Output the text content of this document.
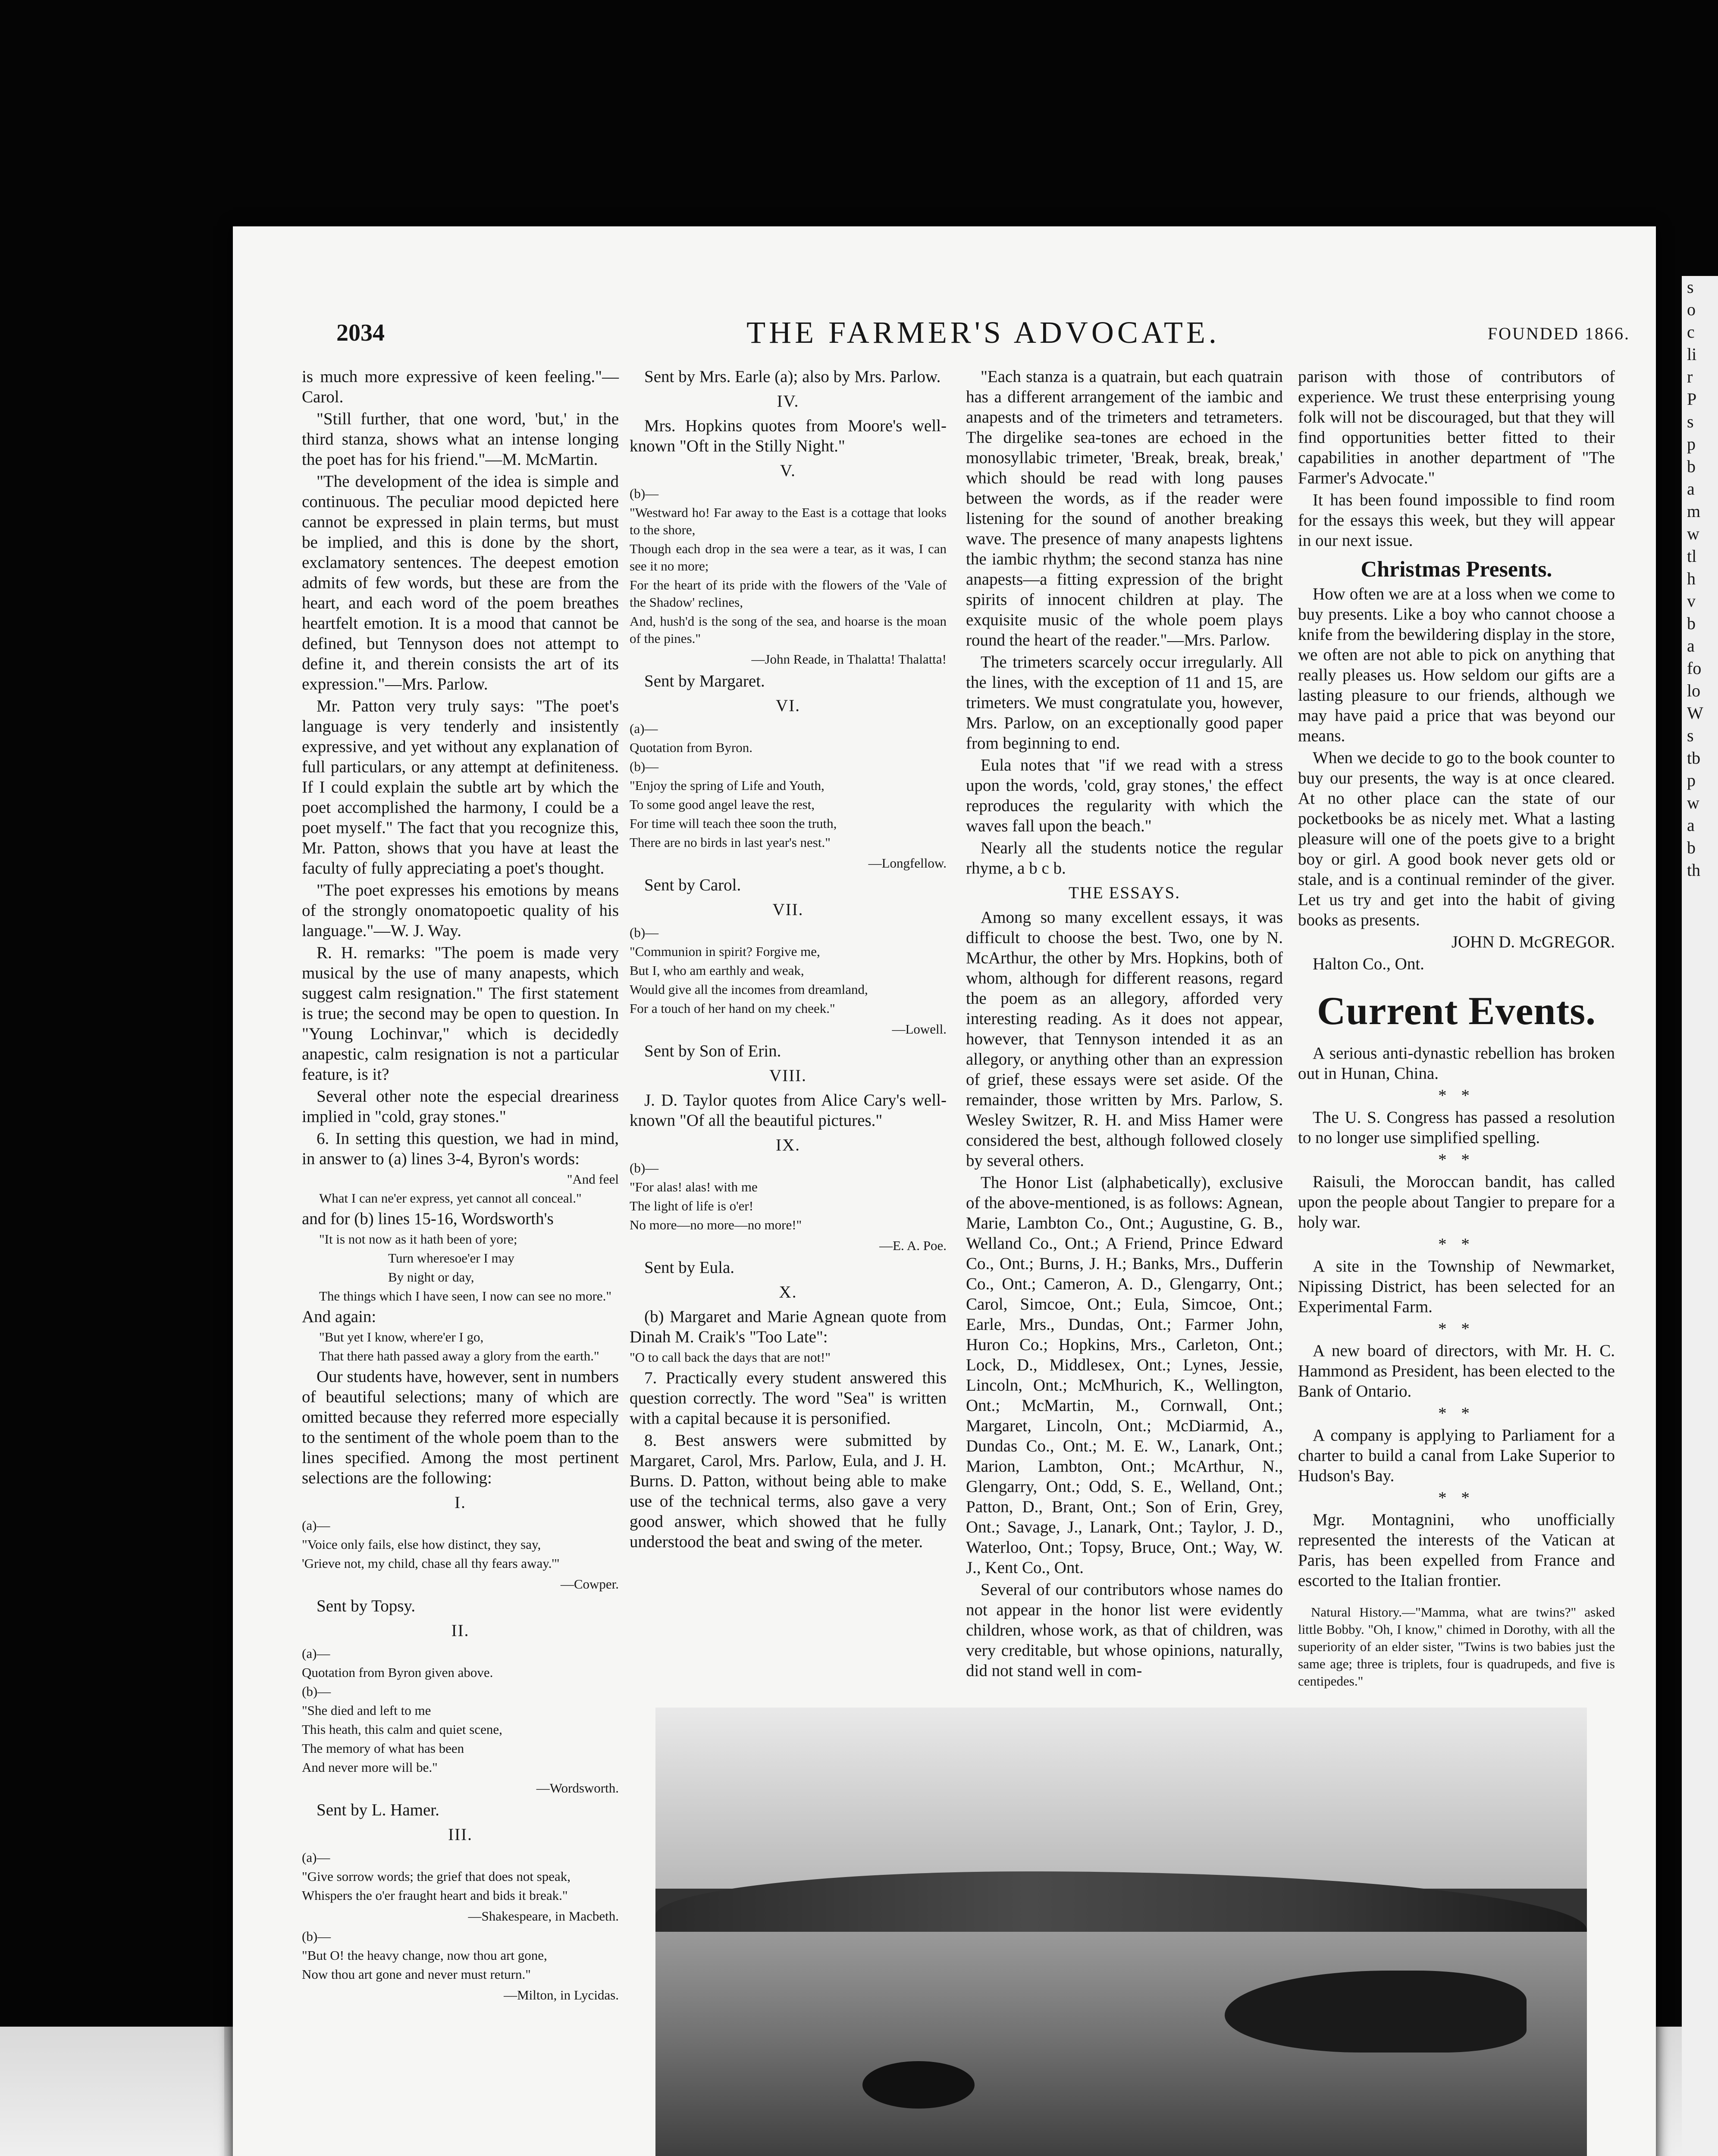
s
o
c
li
r
P
s
p
b
a
m
w
tl
h
v
b
a
fo
lo
W
s
tb
p
w
a
b
th
2034	THE FARMER'S ADVOCATE.	FOUNDED 1866.

is much more expressive of keen feeling."—Carol.

"Still further, that one word, 'but,' in the third stanza, shows what an intense longing the poet has for his friend."—M. McMartin.

"The development of the idea is simple and continuous. The peculiar mood depicted here cannot be expressed in plain terms, but must be implied, and this is done by the short, exclamatory sentences. The deepest emotion admits of few words, but these are from the heart, and each word of the poem breathes heartfelt emotion. It is a mood that cannot be defined, but Tennyson does not attempt to define it, and therein consists the art of its expression."—Mrs. Parlow.

Mr. Patton very truly says: "The poet's language is very tenderly and insistently expressive, and yet without any explanation of full particulars, or any attempt at definiteness. If I could explain the subtle art by which the poet accomplished the harmony, I could be a poet myself." The fact that you recognize this, Mr. Patton, shows that you have at least the faculty of fully appreciating a poet's thought.

"The poet expresses his emotions by means of the strongly onomatopoetic quality of his language."—W. J. Way.

R. H. remarks: "The poem is made very musical by the use of many anapests, which suggest calm resignation." The first statement is true; the second may be open to question. In "Young Lochinvar," which is decidedly anapestic, calm resignation is not a particular feature, is it?

Several other note the especial dreariness implied in "cold, gray stones."

6. In setting this question, we had in mind, in answer to (a) lines 3-4, Byron's words:

"And feel

What I can ne'er express, yet cannot all conceal."

and for (b) lines 15-16, Wordsworth's

"It is not now as it hath been of yore;

Turn wheresoe'er I may

By night or day,

The things which I have seen, I now can see no more."

And again:

"But yet I know, where'er I go,

That there hath passed away a glory from the earth."

Our students have, however, sent in numbers of beautiful selections; many of which are omitted because they referred more especially to the sentiment of the whole poem than to the lines specified. Among the most pertinent selections are the following:

I.

(a)—

"Voice only fails, else how distinct, they say,

'Grieve not, my child, chase all thy fears away.'"

—Cowper.

Sent by Topsy.

II.

(a)—

Quotation from Byron given above.

(b)—

"She died and left to me

This heath, this calm and quiet scene,

The memory of what has been

And never more will be."

—Wordsworth.

Sent by L. Hamer.

III.

(a)—

"Give sorrow words; the grief that does not speak,

Whispers the o'er fraught heart and bids it break."

—Shakespeare, in Macbeth.

(b)—

"But O! the heavy change, now thou art gone,

Now thou art gone and never must return."

—Milton, in Lycidas.

Sent by Mrs. Earle (a); also by Mrs. Parlow.

IV.

Mrs. Hopkins quotes from Moore's well-known "Oft in the Stilly Night."

V.

(b)—

"Westward ho! Far away to the East is a cottage that looks to the shore,

Though each drop in the sea were a tear, as it was, I can see it no more;

For the heart of its pride with the flowers of the 'Vale of the Shadow' reclines,

And, hush'd is the song of the sea, and hoarse is the moan of the pines."

—John Reade, in Thalatta! Thalatta!

Sent by Margaret.

VI.

(a)—

Quotation from Byron.

(b)—

"Enjoy the spring of Life and Youth,

To some good angel leave the rest,

For time will teach thee soon the truth,

There are no birds in last year's nest."

—Longfellow.

Sent by Carol.

VII.

(b)—

"Communion in spirit? Forgive me,

But I, who am earthly and weak,

Would give all the incomes from dreamland,

For a touch of her hand on my cheek."

—Lowell.

Sent by Son of Erin.

VIII.

J. D. Taylor quotes from Alice Cary's well-known "Of all the beautiful pictures."

IX.

(b)—

"For alas! alas! with me

The light of life is o'er!

No more—no more—no more!"

—E. A. Poe.

Sent by Eula.

X.

(b) Margaret and Marie Agnean quote from Dinah M. Craik's "Too Late":

"O to call back the days that are not!"

7. Practically every student answered this question correctly. The word "Sea" is written with a capital because it is personified.

8. Best answers were submitted by Margaret, Carol, Mrs. Parlow, Eula, and J. H. Burns. D. Patton, without being able to make use of the technical terms, also gave a very good answer, which showed that he fully understood the beat and swing of the meter.

"Each stanza is a quatrain, but each quatrain has a different arrangement of the iambic and anapests and of the trimeters and tetrameters. The dirgelike sea-tones are echoed in the monosyllabic trimeter, 'Break, break, break,' which should be read with long pauses between the words, as if the reader were listening for the sound of another breaking wave. The presence of many anapests lightens the iambic rhythm; the second stanza has nine anapests—a fitting expression of the bright spirits of innocent children at play. The exquisite music of the whole poem plays round the heart of the reader."—Mrs. Parlow.

The trimeters scarcely occur irregularly. All the lines, with the exception of 11 and 15, are trimeters. We must congratulate you, however, Mrs. Parlow, on an exceptionally good paper from beginning to end.

Eula notes that "if we read with a stress upon the words, 'cold, gray stones,' the effect reproduces the regularity with which the waves fall upon the beach."

Nearly all the students notice the regular rhyme, a b c b.

THE ESSAYS.

Among so many excellent essays, it was difficult to choose the best. Two, one by N. McArthur, the other by Mrs. Hopkins, both of whom, although for different reasons, regard the poem as an allegory, afforded very interesting reading. As it does not appear, however, that Tennyson intended it as an allegory, or anything other than an expression of grief, these essays were set aside. Of the remainder, those written by Mrs. Parlow, S. Wesley Switzer, R. H. and Miss Hamer were considered the best, although followed closely by several others.

The Honor List (alphabetically), exclusive of the above-mentioned, is as follows: Agnean, Marie, Lambton Co., Ont.; Augustine, G. B., Welland Co., Ont.; A Friend, Prince Edward Co., Ont.; Burns, J. H.; Banks, Mrs., Dufferin Co., Ont.; Cameron, A. D., Glengarry, Ont.; Carol, Simcoe, Ont.; Eula, Simcoe, Ont.; Earle, Mrs., Dundas, Ont.; Farmer John, Huron Co.; Hopkins, Mrs., Carleton, Ont.; Lock, D., Middlesex, Ont.; Lynes, Jessie, Lincoln, Ont.; McMhurich, K., Wellington, Ont.; McMartin, M., Cornwall, Ont.; Margaret, Lincoln, Ont.; McDiarmid, A., Dundas Co., Ont.; M. E. W., Lanark, Ont.; Marion, Lambton, Ont.; McArthur, N., Glengarry, Ont.; Odd, S. E., Welland, Ont.; Patton, D., Brant, Ont.; Son of Erin, Grey, Ont.; Savage, J., Lanark, Ont.; Taylor, J. D., Waterloo, Ont.; Topsy, Bruce, Ont.; Way, W. J., Kent Co., Ont.

Several of our contributors whose names do not appear in the honor list were evidently children, whose work, as that of children, was very creditable, but whose opinions, naturally, did not stand well in com-

parison with those of contributors of experience. We trust these enterprising young folk will not be discouraged, but that they will find opportunities better fitted to their capabilities in another department of "The Farmer's Advocate."

It has been found impossible to find room for the essays this week, but they will appear in our next issue.

Christmas Presents.

How often we are at a loss when we come to buy presents. Like a boy who cannot choose a knife from the bewildering display in the store, we often are not able to pick on anything that really pleases us. How seldom our gifts are a lasting pleasure to our friends, although we may have paid a price that was beyond our means.

When we decide to go to the book counter to buy our presents, the way is at once cleared. At no other place can the state of our pocketbooks be as nicely met. What a lasting pleasure will one of the poets give to a bright boy or girl. A good book never gets old or stale, and is a continual reminder of the giver. Let us try and get into the habit of giving books as presents.

JOHN D. McGREGOR.

Halton Co., Ont.

Current Events.

A serious anti-dynastic rebellion has broken out in Hunan, China.

* *

The U. S. Congress has passed a resolution to no longer use simplified spelling.

* *

Raisuli, the Moroccan bandit, has called upon the people about Tangier to prepare for a holy war.

* *

A site in the Township of Newmarket, Nipissing District, has been selected for an Experimental Farm.

* *

A new board of directors, with Mr. H. C. Hammond as President, has been elected to the Bank of Ontario.

* *

A company is applying to Parliament for a charter to build a canal from Lake Superior to Hudson's Bay.

* *

Mgr. Montagnini, who unofficially represented the interests of the Vatican at Paris, has been expelled from France and escorted to the Italian frontier.

Natural History.—"Mamma, what are twins?" asked little Bobby. "Oh, I know," chimed in Dorothy, with all the superiority of an elder sister, "Twins is two babies just the same age; three is triplets, four is quadrupeds, and five is centipedes."
